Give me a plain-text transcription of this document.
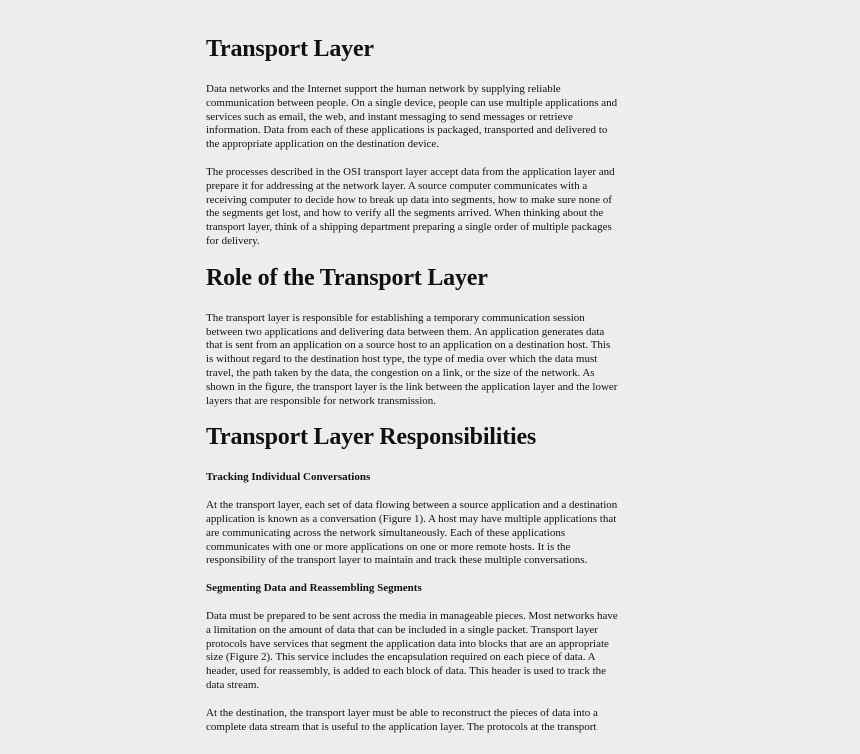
Transport Layer

Data networks and the Internet support the human network by supplying reliable
communication between people. On a single device, people can use multiple applications and
services such as email, the web, and instant messaging to send messages or retrieve
information. Data from each of these applications is packaged, transported and delivered to
the appropriate application on the destination device.

The processes described in the OSI transport layer accept data from the application layer and
prepare it for addressing at the network layer. A source computer communicates with a
receiving computer to decide how to break up data into segments, how to make sure none of
the segments get lost, and how to verify all the segments arrived. When thinking about the
transport layer, think of a shipping department preparing a single order of multiple packages
for delivery.

Role of the Transport Layer

The transport layer is responsible for establishing a temporary communication session
between two applications and delivering data between them. An application generates data
that is sent from an application on a source host to an application on a destination host. This
is without regard to the destination host type, the type of media over which the data must
travel, the path taken by the data, the congestion on a link, or the size of the network. As
shown in the figure, the transport layer is the link between the application layer and the lower
layers that are responsible for network transmission.

Transport Layer Responsibilities
Tracking Individual Conversations

At the transport layer, each set of data flowing between a source application and a destination
application is known as a conversation (Figure 1). A host may have multiple applications that
are communicating across the network simultaneously. Each of these applications
communicates with one or more applications on one or more remote hosts. It is the
responsibility of the transport layer to maintain and track these multiple conversations.

Segmenting Data and Reassembling Segments

Data must be prepared to be sent across the media in manageable pieces. Most networks have
a limitation on the amount of data that can be included in a single packet. Transport layer
protocols have services that segment the application data into blocks that are an appropriate
size (Figure 2). This service includes the encapsulation required on each piece of data. A
header, used for reassembly, is added to each block of data. This header is used to track the
data stream.

At the destination, the transport layer must be able to reconstruct the pieces of data into a
complete data stream that is useful to the application layer. The protocols at the transport
